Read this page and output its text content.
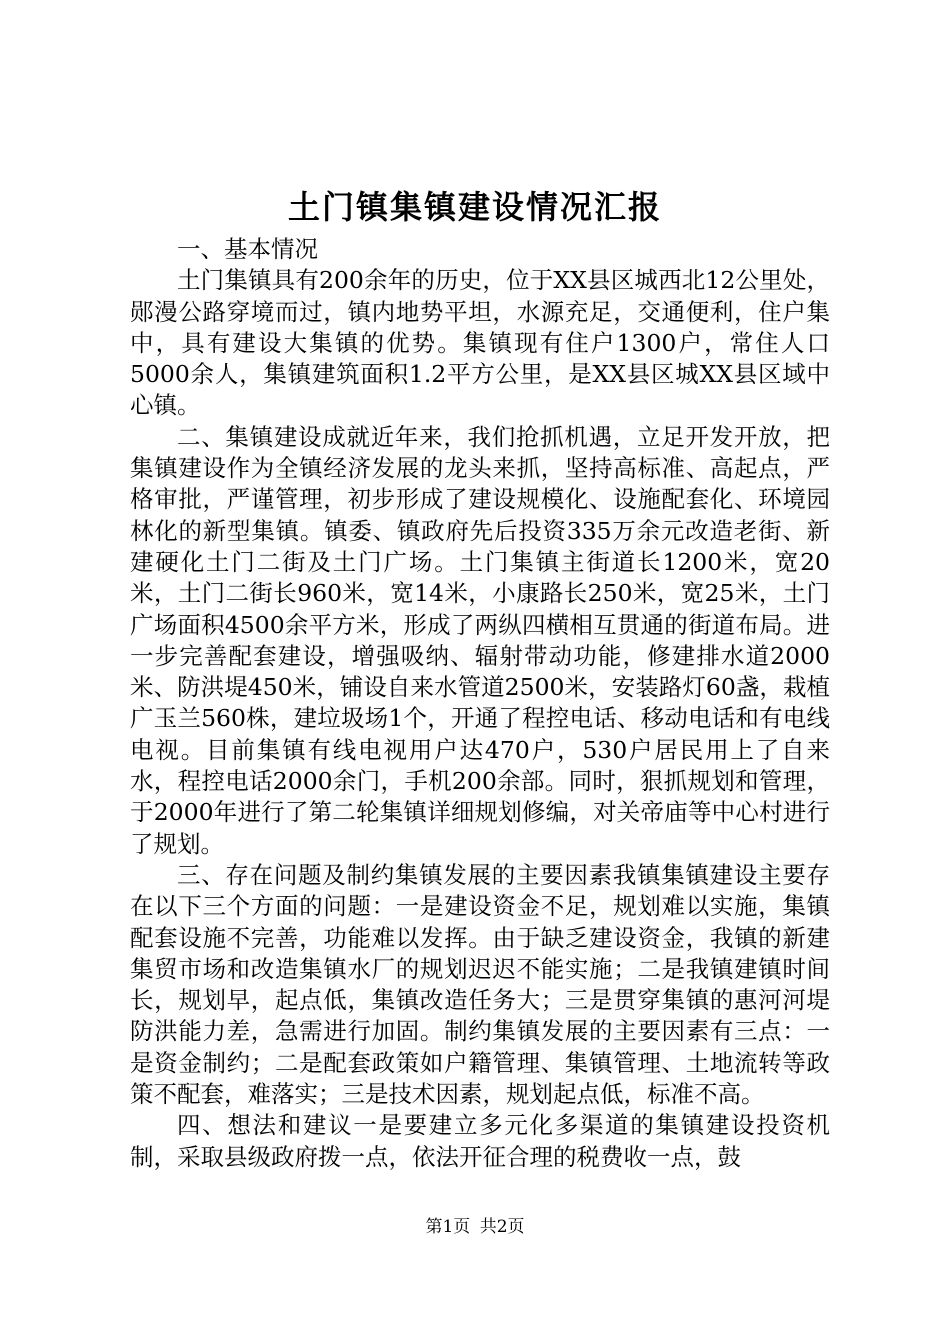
土门镇集镇建设情况汇报

一、基本情况

土门集镇具有200余年的历史，位于XX县区城西北12公里处，郧漫公路穿境而过，镇内地势平坦，水源充足，交通便利，住户集中，具有建设大集镇的优势。集镇现有住户1300户，常住人口5000余人，集镇建筑面积1.2平方公里，是XX县区城XX县区域中心镇。

二、集镇建设成就近年来，我们抢抓机遇，立足开发开放，把集镇建设作为全镇经济发展的龙头来抓，坚持高标准、高起点，严格审批，严谨管理，初步形成了建设规模化、设施配套化、环境园林化的新型集镇。镇委、镇政府先后投资335万余元改造老街、新建硬化土门二街及土门广场。土门集镇主街道长1200米，宽20米，土门二街长960米，宽14米，小康路长250米，宽25米，土门广场面积4500余平方米，形成了两纵四横相互贯通的街道布局。进一步完善配套建设，增强吸纳、辐射带动功能，修建排水道2000米、防洪堤450米，铺设自来水管道2500米，安装路灯60盏，栽植广玉兰560株，建垃圾场1个，开通了程控电话、移动电话和有电线电视。目前集镇有线电视用户达470户，530户居民用上了自来水，程控电话2000余门，手机200余部。同时，狠抓规划和管理，于2000年进行了第二轮集镇详细规划修编，对关帝庙等中心村进行了规划。

三、存在问题及制约集镇发展的主要因素我镇集镇建设主要存在以下三个方面的问题：一是建设资金不足，规划难以实施，集镇配套设施不完善，功能难以发挥。由于缺乏建设资金，我镇的新建集贸市场和改造集镇水厂的规划迟迟不能实施；二是我镇建镇时间长，规划早，起点低，集镇改造任务大；三是贯穿集镇的惠河河堤防洪能力差，急需进行加固。制约集镇发展的主要因素有三点：一是资金制约；二是配套政策如户籍管理、集镇管理、土地流转等政策不配套，难落实；三是技术因素，规划起点低，标准不高。

四、想法和建议一是要建立多元化多渠道的集镇建设投资机制，采取县级政府拨一点，依法开征合理的税费收一点，鼓

第1页 共2页
